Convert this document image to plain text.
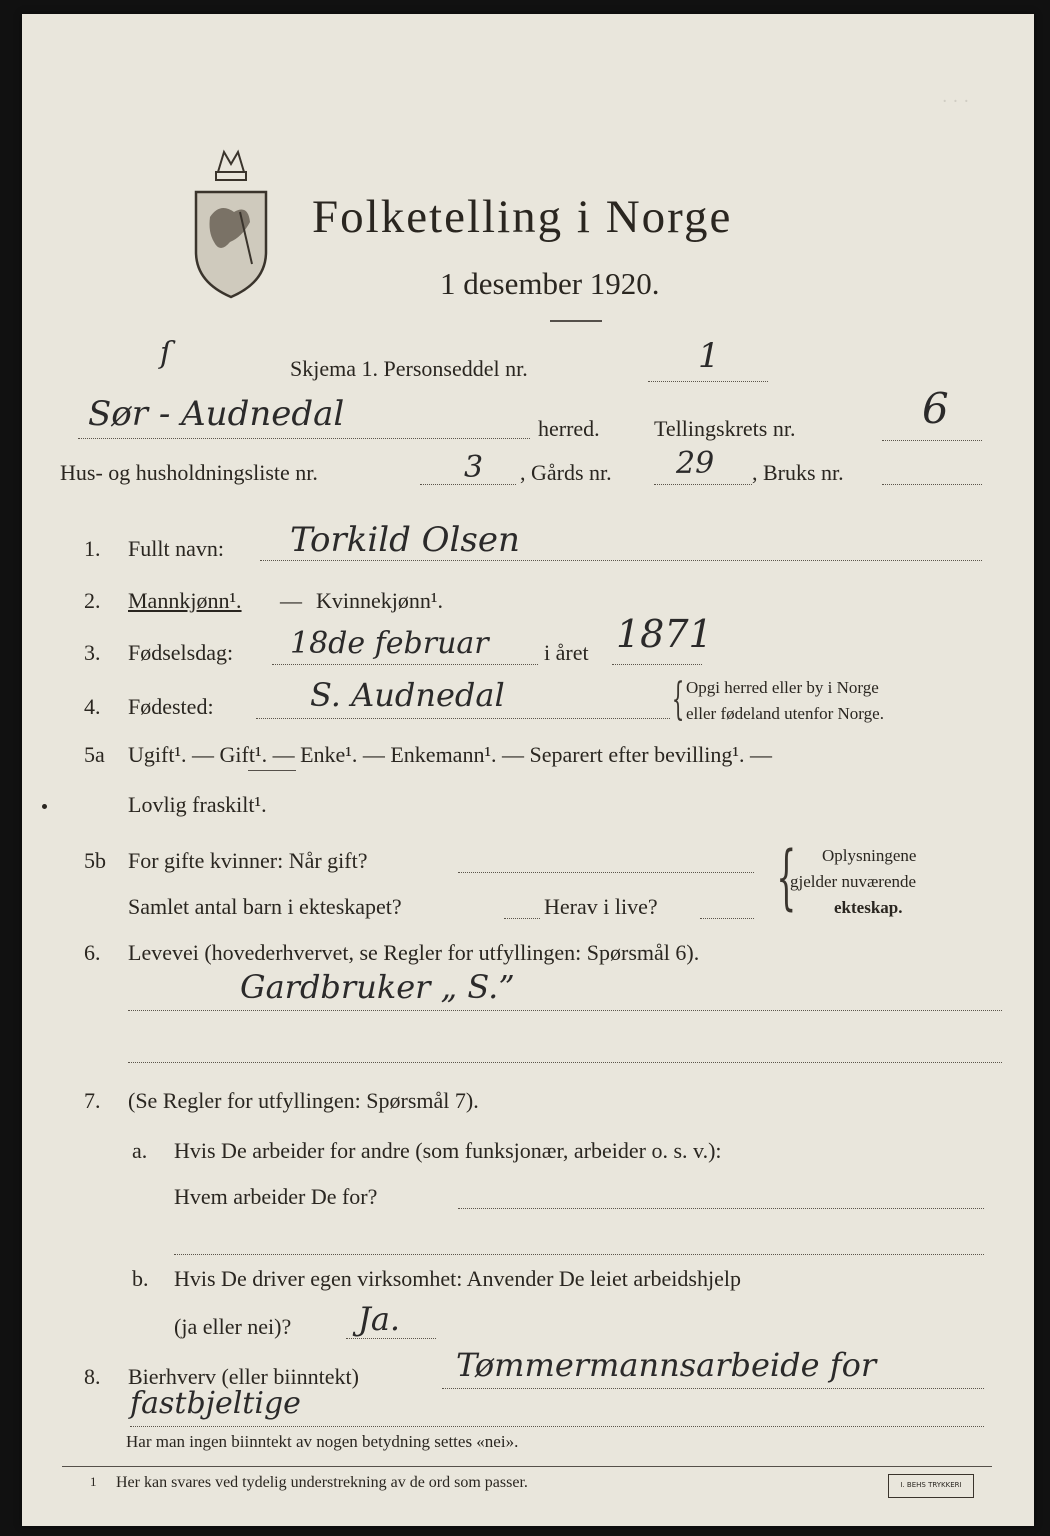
· · ·
Folketelling i Norge
1 desember 1920.
ſ	Skjema 1. Personseddel nr.	1
Sør - Audnedal	herred. Tellingskrets nr.	6
Hus- og husholdningsliste nr.	3 , Gårds nr. 29 , Bruks nr.
1. Fullt navn: Torkild Olsen
2. Mannkjønn¹. — Kvinnekjønn¹.
3. Fødselsdag: 18de februar	i året 1871
4. Fødested:	S. Audnedal	{ Opgi herred eller by i Norge
eller fødeland utenfor Norge.
5a Ugift¹. — Gift¹. — Enke¹. — Enkemann¹. — Separert efter bevilling¹. —
Lovlig fraskilt¹.
5b For gifte kvinner: Når gift?
Samlet antal barn i ekteskapet?	Herav i live? { Oplysningene
gjelder nuværende
ekteskap.
6. Levevei (hovederhvervet, se Regler for utfyllingen: Spørsmål 6).
Gardbruker „ S.”
7. (Se Regler for utfyllingen: Spørsmål 7).
a. Hvis De arbeider for andre (som funksjonær, arbeider o. s. v.):
Hvem arbeider De for?
b. Hvis De driver egen virksomhet: Anvender De leiet arbeidshjelp
(ja eller nei)? Ja.
8. Bierhverv (eller biinntekt)	Tømmermannsarbeide for
fastbjeltige
Har man ingen biinntekt av nogen betydning settes «nei».
1 Her kan svares ved tydelig understrekning av de ord som passer.	I. BEHS TRYKKERI
